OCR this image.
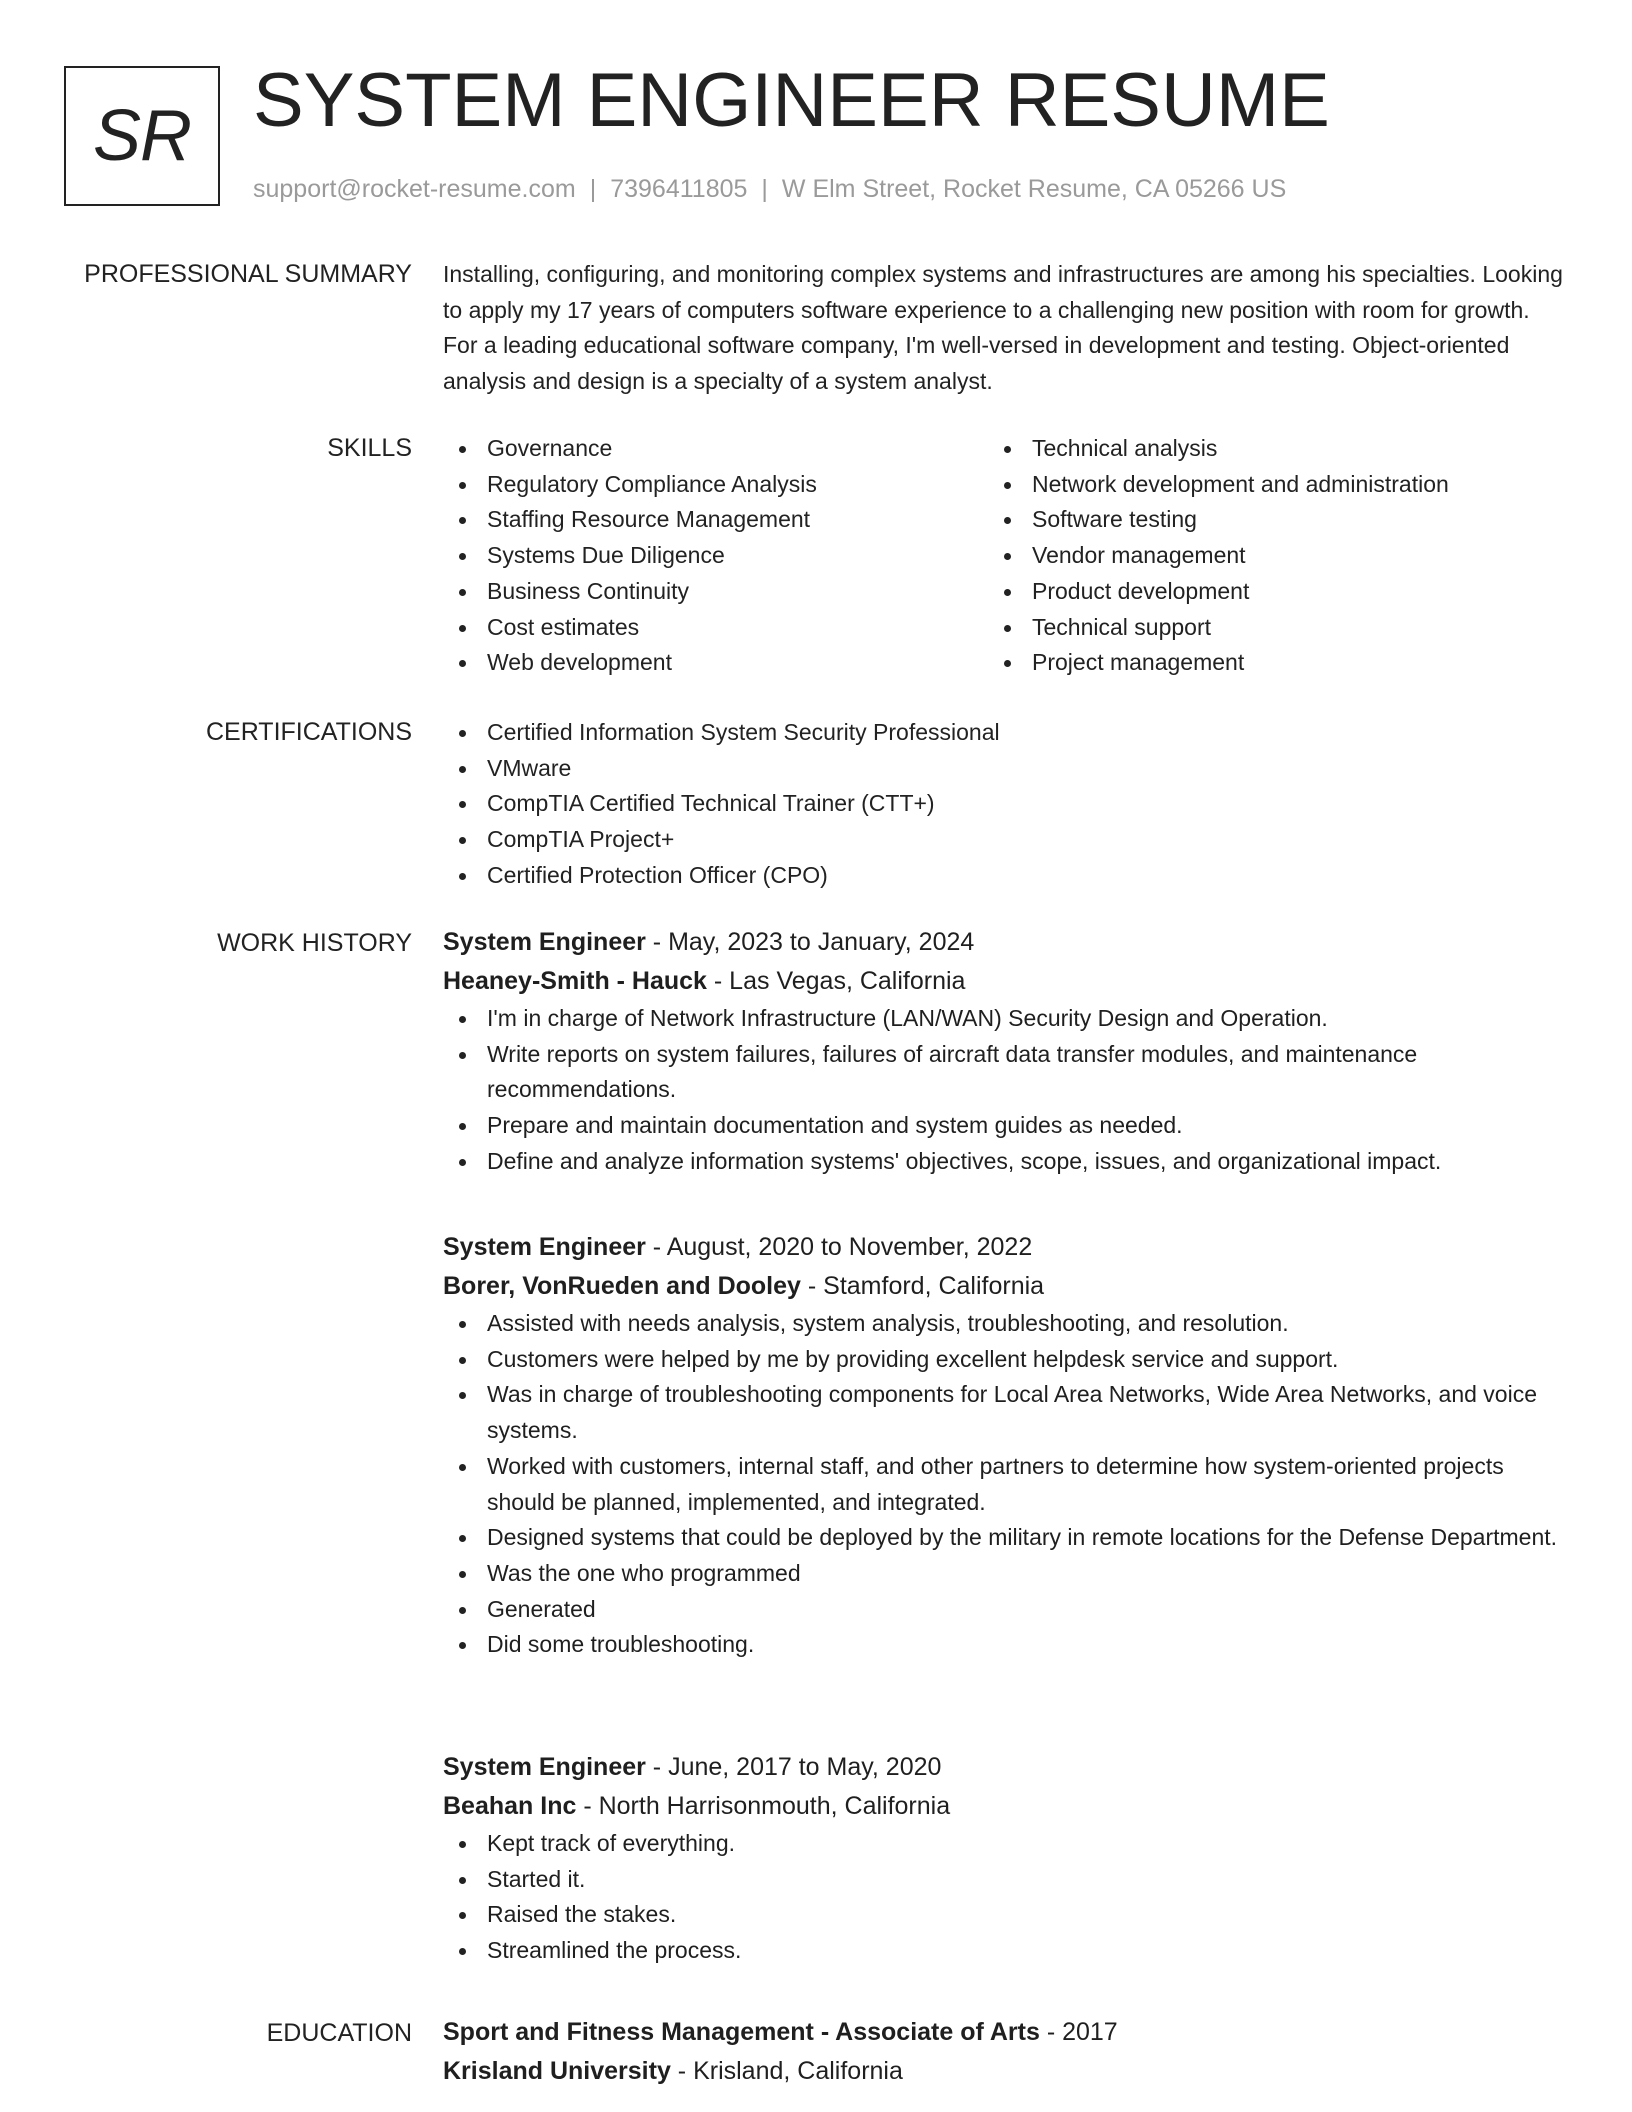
SR SYSTEM ENGINEER RESUME
support@rocket-resume.com | 7396411805 | W Elm Street, Rocket Resume, CA 05266 US
PROFESSIONAL SUMMARY Installing, configuring, and monitoring complex systems and infrastructures are among his specialties. Looking to apply my 17 years of computers software experience to a challenging new position with room for growth. For a leading educational software company, I'm well-versed in development and testing. Object-oriented analysis and design is a specialty of a system analyst.

SKILLS	Governance
Regulatory Compliance Analysis
Staffing Resource Management
Systems Due Diligence
Business Continuity
Cost estimates
Web development
Technical analysis
Network development and administration
Software testing
Vendor management
Product development
Technical support
Project management
CERTIFICATIONS	Certified Information System Security Professional
VMware
CompTIA Certified Technical Trainer (CTT+)
CompTIA Project+
Certified Protection Officer (CPO)
WORK HISTORY System Engineer - May, 2023 to January, 2024
Heaney-Smith - Hauck - Las Vegas, California
I'm in charge of Network Infrastructure (LAN/WAN) Security Design and Operation.
Write reports on system failures, failures of aircraft data transfer modules, and maintenance recommendations.
Prepare and maintain documentation and system guides as needed.
Define and analyze information systems' objectives, scope, issues, and organizational impact.
System Engineer - August, 2020 to November, 2022
Borer, VonRueden and Dooley - Stamford, California
Assisted with needs analysis, system analysis, troubleshooting, and resolution.
Customers were helped by me by providing excellent helpdesk service and support.
Was in charge of troubleshooting components for Local Area Networks, Wide Area Networks, and voice systems.
Worked with customers, internal staff, and other partners to determine how system-oriented projects should be planned, implemented, and integrated.
Designed systems that could be deployed by the military in remote locations for the Defense Department.
Was the one who programmed
Generated
Did some troubleshooting.
System Engineer - June, 2017 to May, 2020
Beahan Inc - North Harrisonmouth, California
Kept track of everything.
Started it.
Raised the stakes.
Streamlined the process.
EDUCATION Sport and Fitness Management - Associate of Arts - 2017
Krisland University - Krisland, California
